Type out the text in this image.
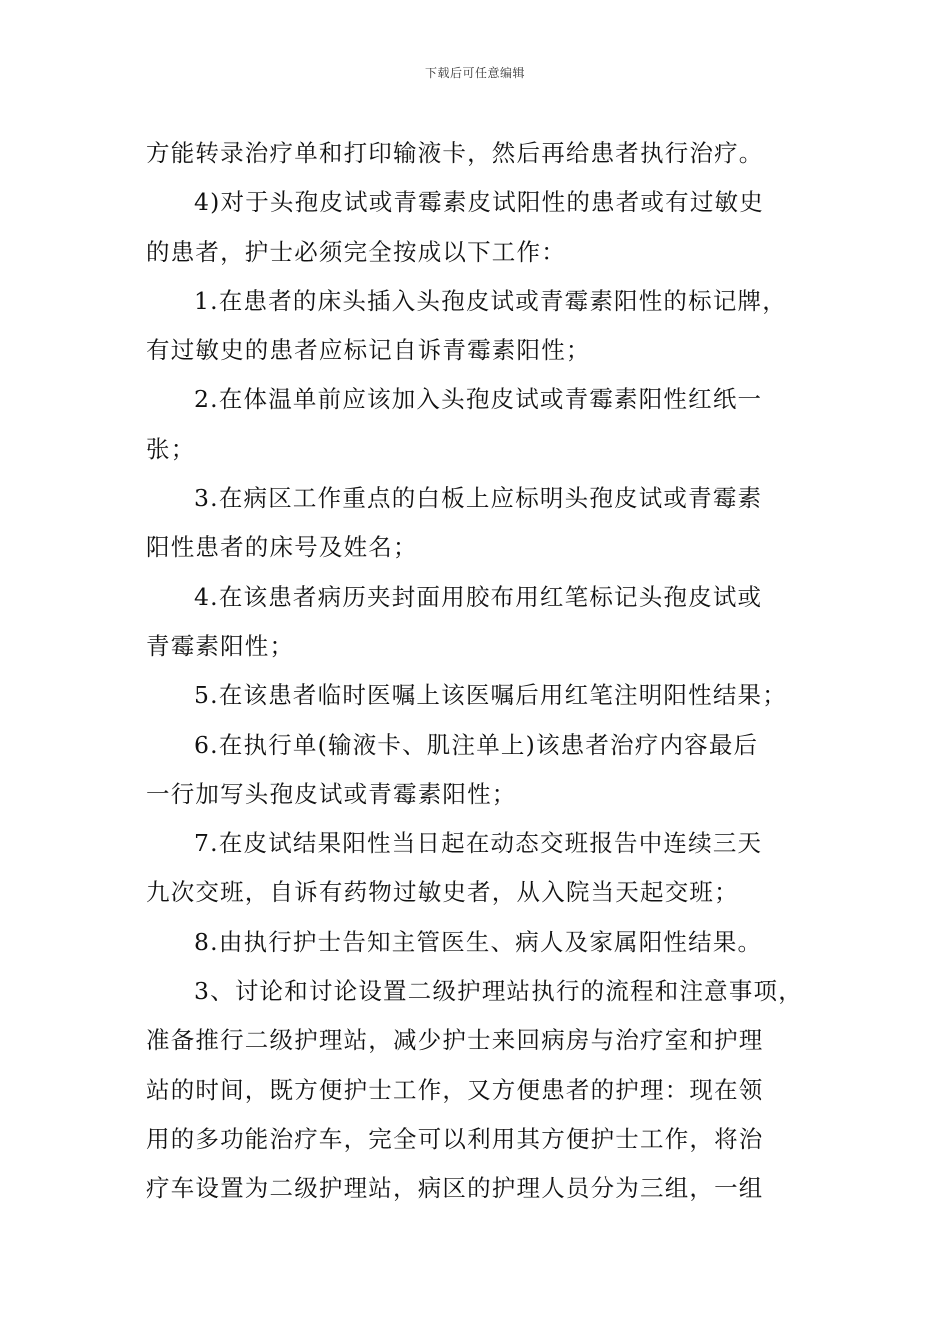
下载后可任意编辑
方能转录治疗单和打印输液卡，然后再给患者执行治疗。
4)对于头孢皮试或青霉素皮试阳性的患者或有过敏史
的患者，护士必须完全按成以下工作：
1.在患者的床头插入头孢皮试或青霉素阳性的标记牌，
有过敏史的患者应标记自诉青霉素阳性；
2.在体温单前应该加入头孢皮试或青霉素阳性红纸一
张；
3.在病区工作重点的白板上应标明头孢皮试或青霉素
阳性患者的床号及姓名；
4.在该患者病历夹封面用胶布用红笔标记头孢皮试或
青霉素阳性；
5.在该患者临时医嘱上该医嘱后用红笔注明阳性结果；
6.在执行单(输液卡、肌注单上)该患者治疗内容最后
一行加写头孢皮试或青霉素阳性；
7.在皮试结果阳性当日起在动态交班报告中连续三天
九次交班，自诉有药物过敏史者，从入院当天起交班；
8.由执行护士告知主管医生、病人及家属阳性结果。
3、讨论和讨论设置二级护理站执行的流程和注意事项，
准备推行二级护理站，减少护士来回病房与治疗室和护理
站的时间，既方便护士工作，又方便患者的护理：现在领
用的多功能治疗车，完全可以利用其方便护士工作，将治
疗车设置为二级护理站，病区的护理人员分为三组，一组
